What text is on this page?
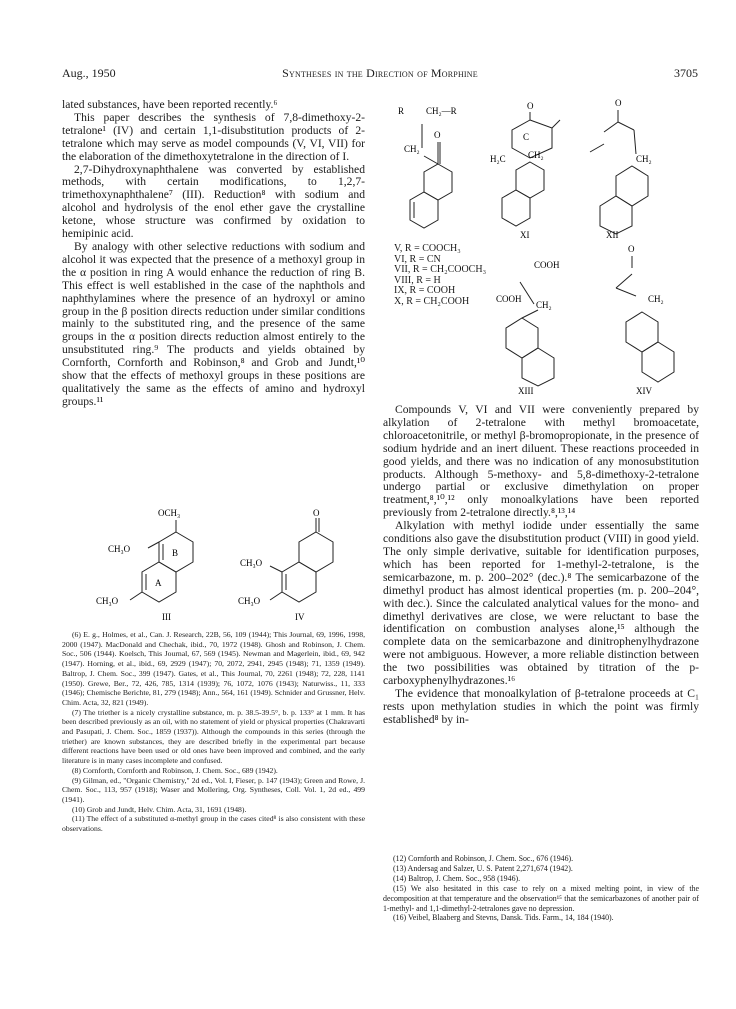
Aug., 1950	Syntheses in the Direction of Morphine	3705

lated substances, have been reported recently.⁶

This paper describes the synthesis of 7,8-dimethoxy-2-tetralone¹ (IV) and certain 1,1-disubstitution products of 2-tetralone which may serve as model compounds (V, VI, VII) for the elaboration of the dimethoxytetralone in the direction of I.

2,7-Dihydroxynaphthalene was converted by established methods, with certain modifications, to 1,2,7-trimethoxynaphthalene⁷ (III). Reduction⁸ with sodium and alcohol and hydrolysis of the enol ether gave the crystalline ketone, whose structure was confirmed by oxidation to hemipinic acid.

By analogy with other selective reductions with sodium and alcohol it was expected that the presence of a methoxyl group in the α position in ring A would enhance the reduction of ring B. This effect is well established in the case of the naphthols and naphthylamines where the presence of an hydroxyl or amino group in the β position directs reduction under similar conditions mainly to the substituted ring, and the presence of the same groups in the α position directs reduction almost entirely to the unsubstituted ring.⁹ The products and yields obtained by Cornforth, Cornforth and Robinson,⁸ and Grob and Jundt,¹⁰ show that the effects of methoxyl groups in these positions are qualitatively the same as the effects of amino and hydroxyl groups.¹¹

OCH₃
CH₃O
CH₃O
B
A
III
O
CH₃O
CH₃O
IV

(6) E. g., Holmes, et al., Can. J. Research, 22B, 56, 109 (1944); This Journal, 69, 1996, 1998, 2000 (1947). MacDonald and Chechak, ibid., 70, 1972 (1948). Ghosh and Robinson, J. Chem. Soc., 506 (1944). Koelsch, This Journal, 67, 569 (1945). Newman and Magerlein, ibid., 69, 942 (1947). Horning, et al., ibid., 69, 2929 (1947); 70, 2072, 2941, 2945 (1948); 71, 1359 (1949). Baltrop, J. Chem. Soc., 399 (1947). Gates, et al., This Journal, 70, 2261 (1948); 72, 228, 1141 (1950). Grewe, Ber., 72, 426, 785, 1314 (1939); 76, 1072, 1076 (1943); Naturwiss., 11, 333 (1946); Chemische Berichte, 81, 279 (1948); Ann., 564, 161 (1949). Schnider and Grussner, Helv. Chim. Acta, 32, 821 (1949).

(7) The triether is a nicely crystalline substance, m. p. 38.5-39.5°, b. p. 133° at 1 mm. It has been described previously as an oil, with no statement of yield or physical properties (Chakravarti and Pasupati, J. Chem. Soc., 1859 (1937)). Although the compounds in this series (through the triether) are known substances, they are described briefly in the experimental part because different reactions have been used or old ones have been improved and combined, and the early literature is in many cases incomplete and confused.

(8) Cornforth, Cornforth and Robinson, J. Chem. Soc., 689 (1942).

(9) Gilman, ed., "Organic Chemistry," 2d ed., Vol. I, Fieser, p. 147 (1943); Green and Rowe, J. Chem. Soc., 113, 957 (1918); Waser and Mollering, Org. Syntheses, Coll. Vol. 1, 2d ed., 499 (1941).

(10) Grob and Jundt, Helv. Chim. Acta, 31, 1691 (1948).

(11) The effect of a substituted α-methyl group in the cases cited⁸ is also consistent with these observations.

R CH₂—R
O
CH₂
O
C
H₂C CH₂
XI
O
CH₂
XII
COOH
COOH
CH₂
XIII
O
CH₂
XIV
V, R = COOCH₃
VI, R = CN
VII, R = CH₂COOCH₃
VIII, R = H
IX, R = COOH
X, R = CH₂COOH

Compounds V, VI and VII were conveniently prepared by alkylation of 2-tetralone with methyl bromoacetate, chloroacetonitrile, or methyl β-bromopropionate, in the presence of sodium hydride and an inert diluent. These reactions proceeded in good yields, and there was no indication of any monosubstitution products. Although 5-methoxy- and 5,8-dimethoxy-2-tetralone undergo partial or exclusive dimethylation on proper treatment,⁸,¹⁰,¹² only monoalkylations have been reported previously from 2-tetralone directly.⁸,¹³,¹⁴

Alkylation with methyl iodide under essentially the same conditions also gave the disubstitution product (VIII) in good yield. The only simple derivative, suitable for identification purposes, which has been reported for 1-methyl-2-tetralone, is the semicarbazone, m. p. 200–202° (dec.).⁸ The semicarbazone of the dimethyl product has almost identical properties (m. p. 200–204°, with dec.). Since the calculated analytical values for the mono- and dimethyl derivatives are close, we were reluctant to base the identification on combustion analyses alone,¹⁵ although the complete data on the semicarbazone and dinitrophenylhydrazone were not ambiguous. However, a more reliable distinction between the two possibilities was obtained by titration of the p-carboxyphenylhydrazones.¹⁶

The evidence that monoalkylation of β-tetralone proceeds at C₁ rests upon methylation studies in which the point was firmly established⁸ by in-

(12) Cornforth and Robinson, J. Chem. Soc., 676 (1946).

(13) Andersag and Salzer, U. S. Patent 2,271,674 (1942).

(14) Baltrop, J. Chem. Soc., 958 (1946).

(15) We also hesitated in this case to rely on a mixed melting point, in view of the decomposition at that temperature and the observation¹⁵ that the semicarbazones of another pair of 1-methyl- and 1,1-dimethyl-2-tetralones gave no depression.

(16) Veibel, Blaaberg and Stevns, Dansk. Tids. Farm., 14, 184 (1940).
